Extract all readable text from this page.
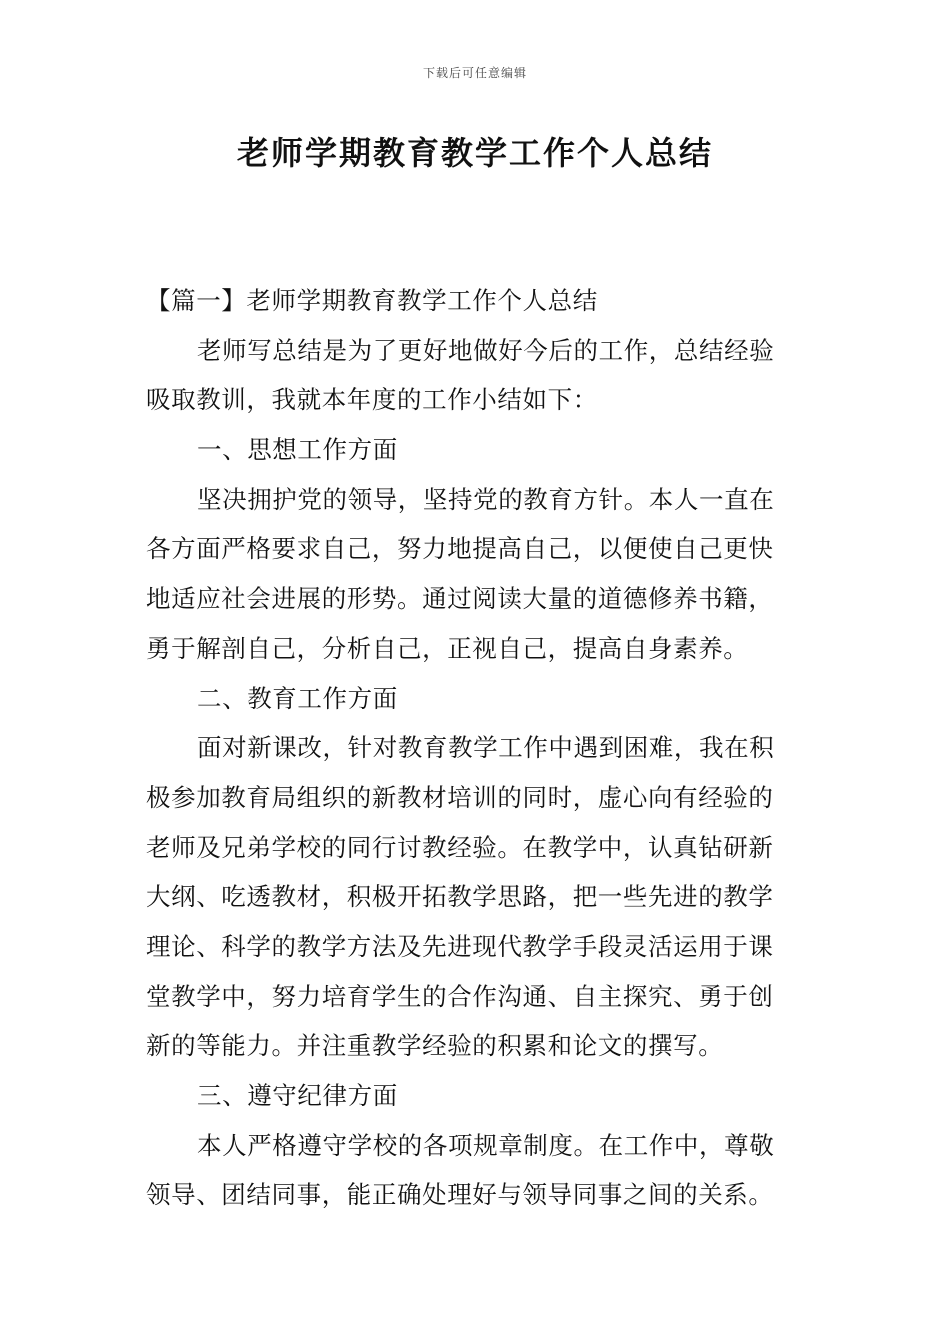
下载后可任意编辑
老师学期教育教学工作个人总结
【篇一】老师学期教育教学工作个人总结
老师写总结是为了更好地做好今后的工作，总结经验
吸取教训，我就本年度的工作小结如下：
一、思想工作方面
坚决拥护党的领导，坚持党的教育方针。本人一直在
各方面严格要求自己，努力地提高自己，以便使自己更快
地适应社会进展的形势。通过阅读大量的道德修养书籍，
勇于解剖自己，分析自己，正视自己，提高自身素养。
二、教育工作方面
面对新课改，针对教育教学工作中遇到困难，我在积
极参加教育局组织的新教材培训的同时，虚心向有经验的
老师及兄弟学校的同行讨教经验。在教学中，认真钻研新
大纲、吃透教材，积极开拓教学思路，把一些先进的教学
理论、科学的教学方法及先进现代教学手段灵活运用于课
堂教学中，努力培育学生的合作沟通、自主探究、勇于创
新的等能力。并注重教学经验的积累和论文的撰写。
三、遵守纪律方面
本人严格遵守学校的各项规章制度。在工作中，尊敬
领导、团结同事，能正确处理好与领导同事之间的关系。
